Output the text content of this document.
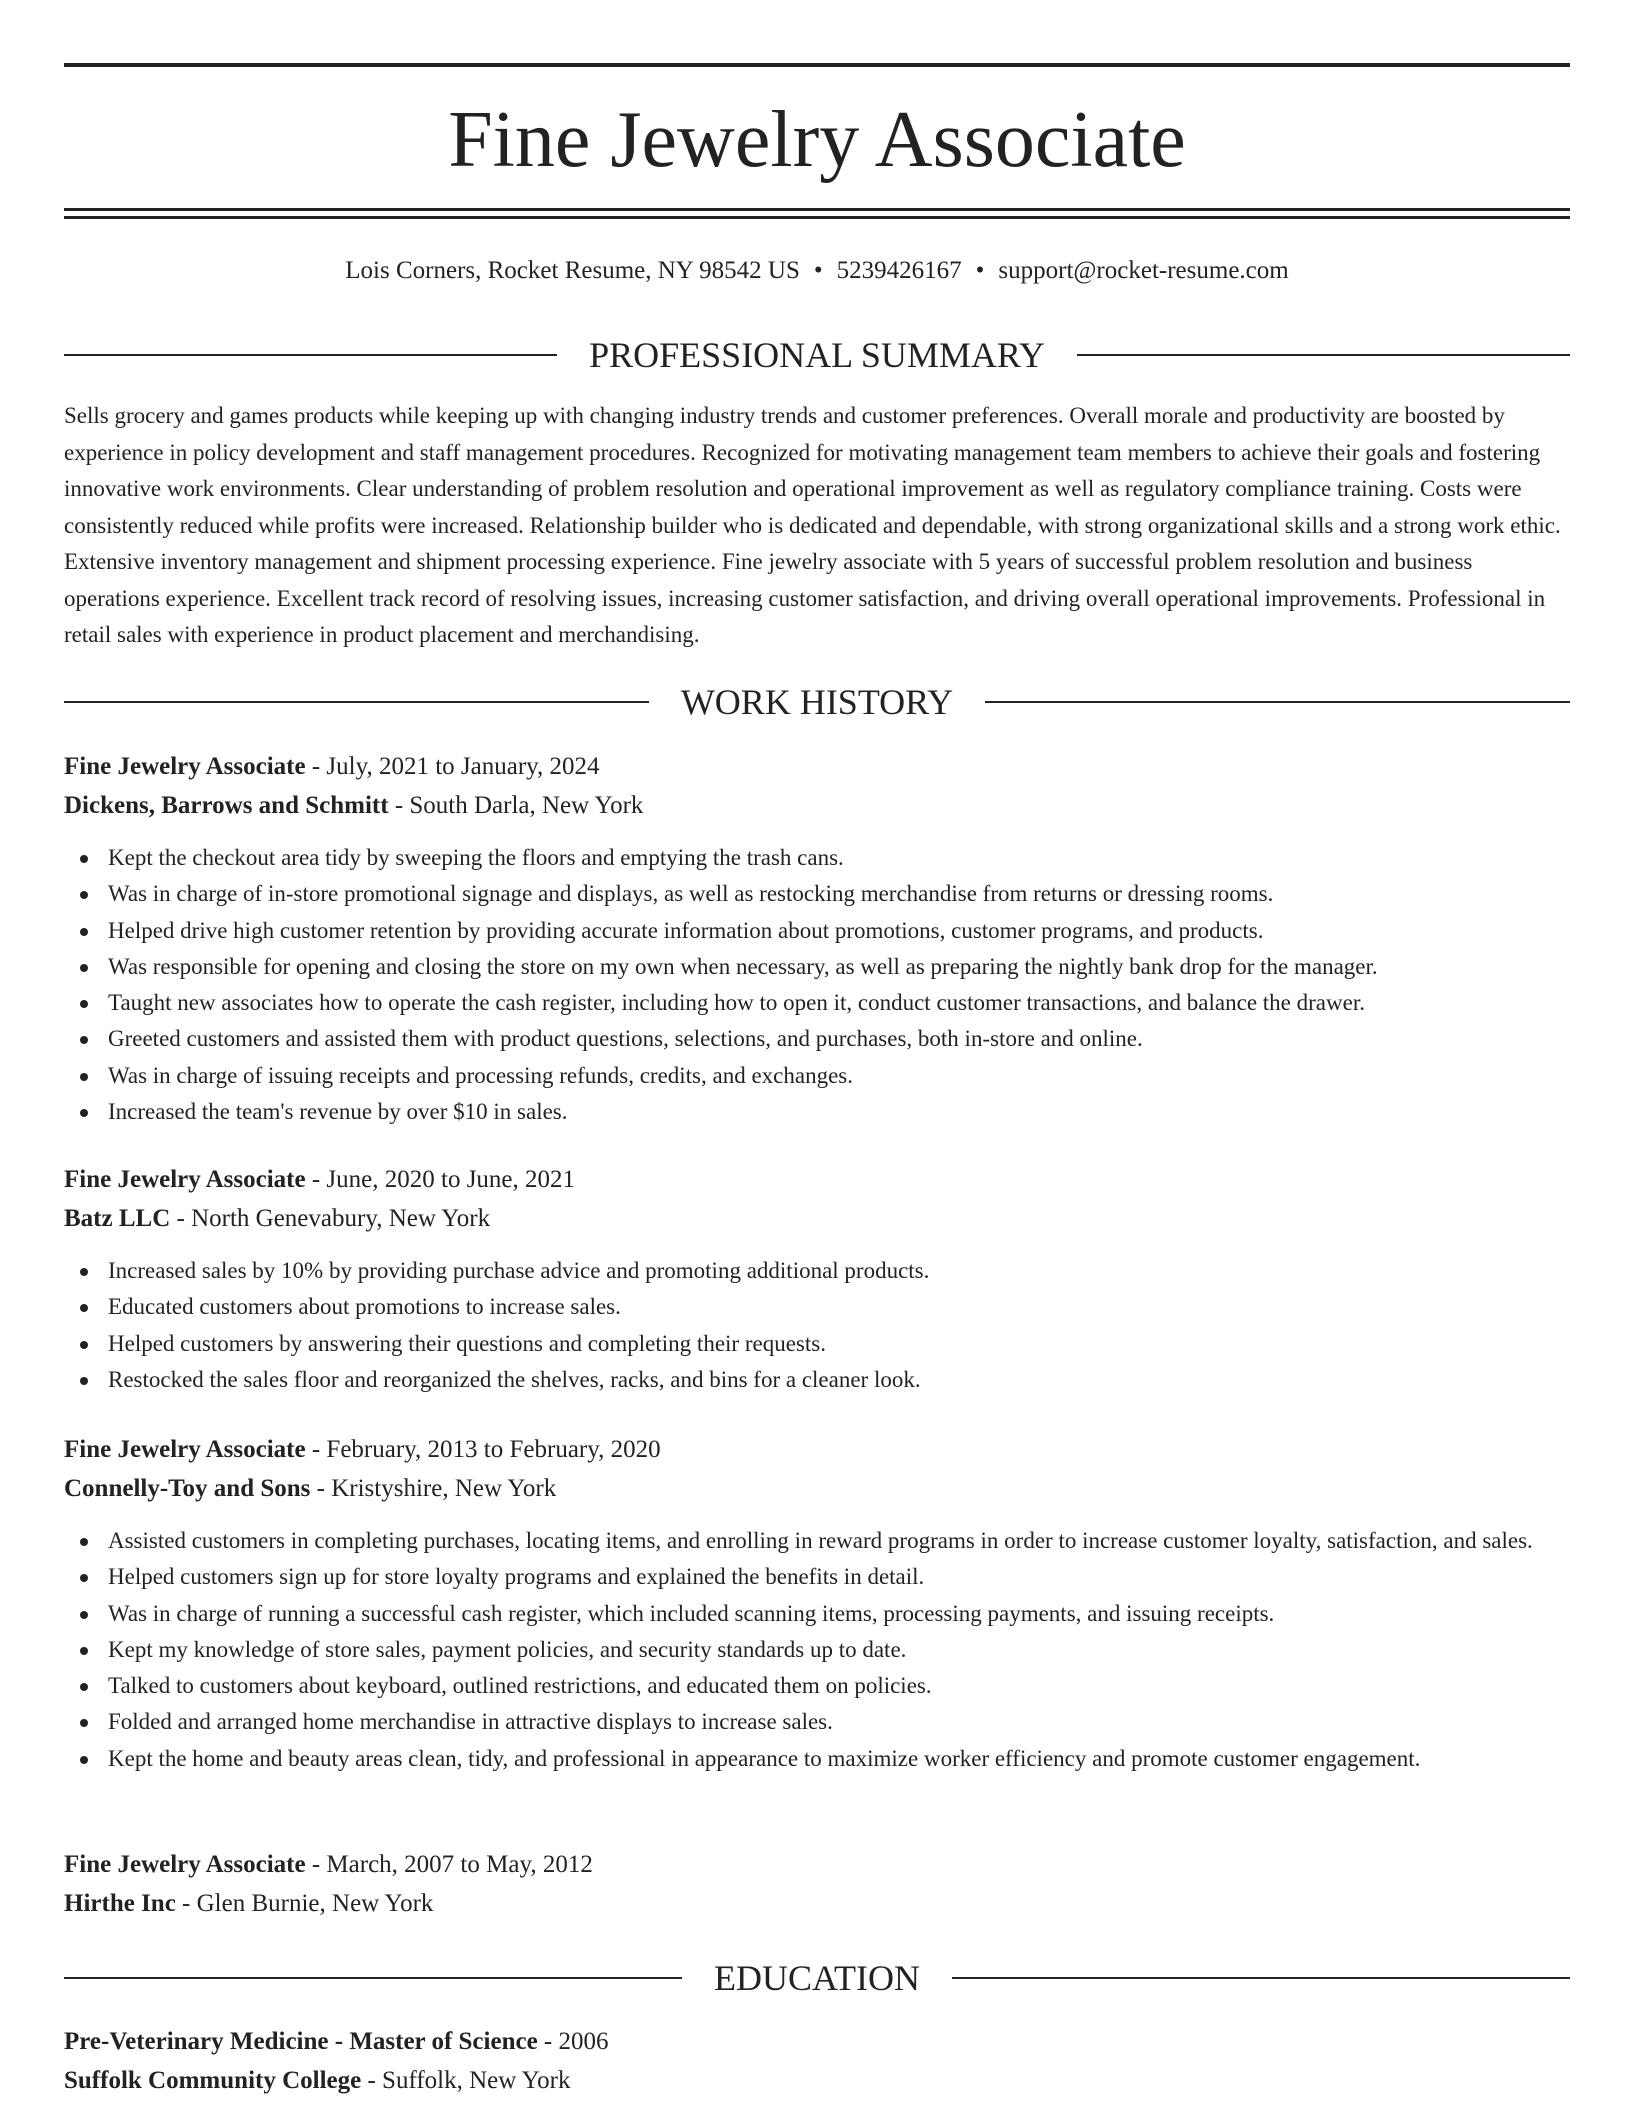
Fine Jewelry Associate
Lois Corners, Rocket Resume, NY 98542 US • 5239426167 • support@rocket-resume.com
PROFESSIONAL SUMMARY

Sells grocery and games products while keeping up with changing industry trends and customer preferences. Overall morale and productivity are boosted by experience in policy development and staff management procedures. Recognized for motivating management team members to achieve their goals and fostering innovative work environments. Clear understanding of problem resolution and operational improvement as well as regulatory compliance training. Costs were consistently reduced while profits were increased. Relationship builder who is dedicated and dependable, with strong organizational skills and a strong work ethic. Extensive inventory management and shipment processing experience. Fine jewelry associate with 5 years of successful problem resolution and business operations experience. Excellent track record of resolving issues, increasing customer satisfaction, and driving overall operational improvements. Professional in retail sales with experience in product placement and merchandising.

WORK HISTORY
Fine Jewelry Associate - July, 2021 to January, 2024
Dickens, Barrows and Schmitt - South Darla, New York
Kept the checkout area tidy by sweeping the floors and emptying the trash cans.
Was in charge of in-store promotional signage and displays, as well as restocking merchandise from returns or dressing rooms.
Helped drive high customer retention by providing accurate information about promotions, customer programs, and products.
Was responsible for opening and closing the store on my own when necessary, as well as preparing the nightly bank drop for the manager.
Taught new associates how to operate the cash register, including how to open it, conduct customer transactions, and balance the drawer.
Greeted customers and assisted them with product questions, selections, and purchases, both in-store and online.
Was in charge of issuing receipts and processing refunds, credits, and exchanges.
Increased the team's revenue by over $10 in sales.
Fine Jewelry Associate - June, 2020 to June, 2021
Batz LLC - North Genevabury, New York
Increased sales by 10% by providing purchase advice and promoting additional products.
Educated customers about promotions to increase sales.
Helped customers by answering their questions and completing their requests.
Restocked the sales floor and reorganized the shelves, racks, and bins for a cleaner look.
Fine Jewelry Associate - February, 2013 to February, 2020
Connelly-Toy and Sons - Kristyshire, New York
Assisted customers in completing purchases, locating items, and enrolling in reward programs in order to increase customer loyalty, satisfaction, and sales.
Helped customers sign up for store loyalty programs and explained the benefits in detail.
Was in charge of running a successful cash register, which included scanning items, processing payments, and issuing receipts.
Kept my knowledge of store sales, payment policies, and security standards up to date.
Talked to customers about keyboard, outlined restrictions, and educated them on policies.
Folded and arranged home merchandise in attractive displays to increase sales.
Kept the home and beauty areas clean, tidy, and professional in appearance to maximize worker efficiency and promote customer engagement.
Fine Jewelry Associate - March, 2007 to May, 2012
Hirthe Inc - Glen Burnie, New York
EDUCATION
Pre-Veterinary Medicine - Master of Science - 2006
Suffolk Community College - Suffolk, New York
